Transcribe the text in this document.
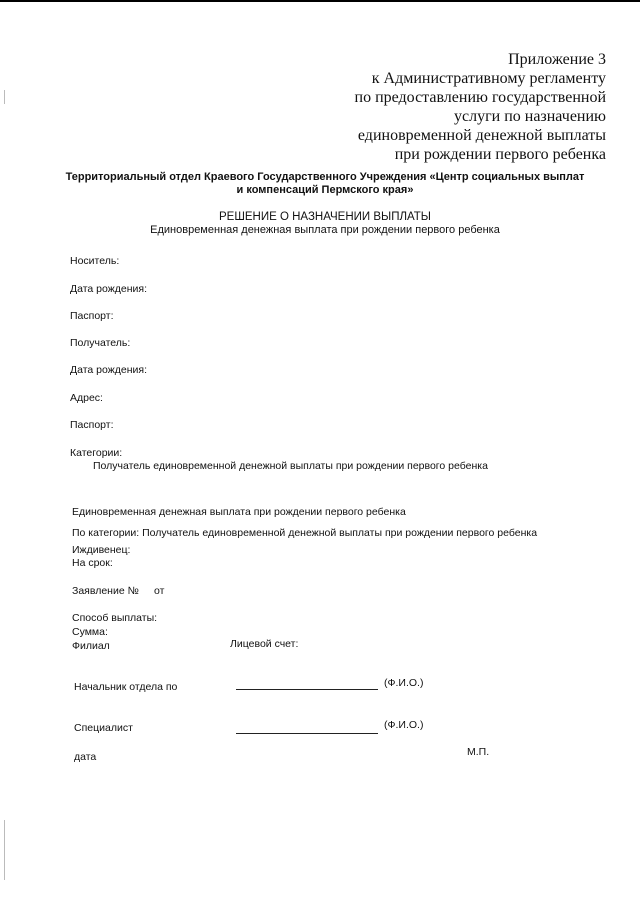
Приложение 3
к Административному регламенту
по предоставлению государственной
услуги по назначению
единовременной денежной выплаты
при рождении первого ребенка
Территориальный отдел Краевого Государственного Учреждения «Центр социальных выплат
и компенсаций Пермского края»
РЕШЕНИЕ О НАЗНАЧЕНИИ ВЫПЛАТЫ
Единовременная денежная выплата при рождении первого ребенка
Носитель:
Дата рождения:
Паспорт:
Получатель:
Дата рождения:
Адрес:
Паспорт:
Категории:
Получатель единовременной денежной выплаты при рождении первого ребенка
Единовременная денежная выплата при рождении первого ребенка
По категории: Получатель единовременной денежной выплаты при рождении первого ребенка
Иждивенец:
На срок:
Заявление № от
Способ выплаты:
Сумма:
Филиал	Лицевой счет:
Начальник отдела по	(Ф.И.О.)
Специалист	(Ф.И.О.)
дата	М.П.
